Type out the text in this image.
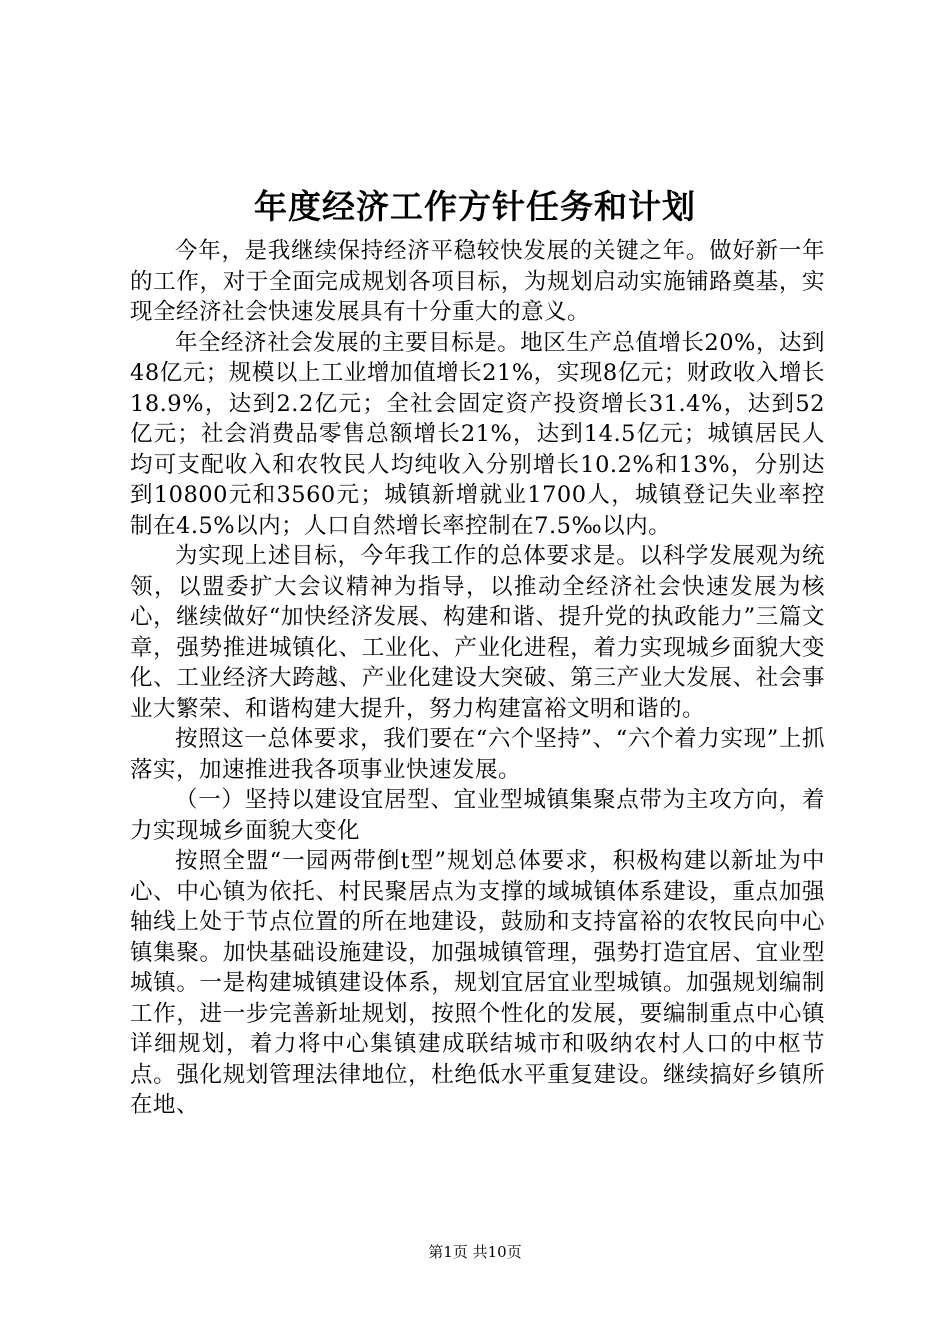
年度经济工作方针任务和计划

今年，是我继续保持经济平稳较快发展的关键之年。做好新一年的工作，对于全面完成规划各项目标，为规划启动实施铺路奠基，实现全经济社会快速发展具有十分重大的意义。

年全经济社会发展的主要目标是。地区生产总值增长20%，达到48亿元；规模以上工业增加值增长21%，实现8亿元；财政收入增长18.9%，达到2.2亿元；全社会固定资产投资增长31.4%，达到52亿元；社会消费品零售总额增长21%，达到14.5亿元；城镇居民人均可支配收入和农牧民人均纯收入分别增长10.2%和13%，分别达到10800元和3560元；城镇新增就业1700人，城镇登记失业率控制在4.5%以内；人口自然增长率控制在7.5‰以内。

为实现上述目标，今年我工作的总体要求是。以科学发展观为统领，以盟委扩大会议精神为指导，以推动全经济社会快速发展为核心，继续做好“加快经济发展、构建和谐、提升党的执政能力”三篇文章，强势推进城镇化、工业化、产业化进程，着力实现城乡面貌大变化、工业经济大跨越、产业化建设大突破、第三产业大发展、社会事业大繁荣、和谐构建大提升，努力构建富裕文明和谐的。

按照这一总体要求，我们要在“六个坚持”、“六个着力实现”上抓落实，加速推进我各项事业快速发展。

（一）坚持以建设宜居型、宜业型城镇集聚点带为主攻方向，着力实现城乡面貌大变化

按照全盟“一园两带倒t型”规划总体要求，积极构建以新址为中心、中心镇为依托、村民聚居点为支撑的域城镇体系建设，重点加强轴线上处于节点位置的所在地建设，鼓励和支持富裕的农牧民向中心镇集聚。加快基础设施建设，加强城镇管理，强势打造宜居、宜业型城镇。一是构建城镇建设体系，规划宜居宜业型城镇。加强规划编制工作，进一步完善新址规划，按照个性化的发展，要编制重点中心镇详细规划，着力将中心集镇建成联结城市和吸纳农村人口的中枢节点。强化规划管理法律地位，杜绝低水平重复建设。继续搞好乡镇所在地、

第1页 共10页
